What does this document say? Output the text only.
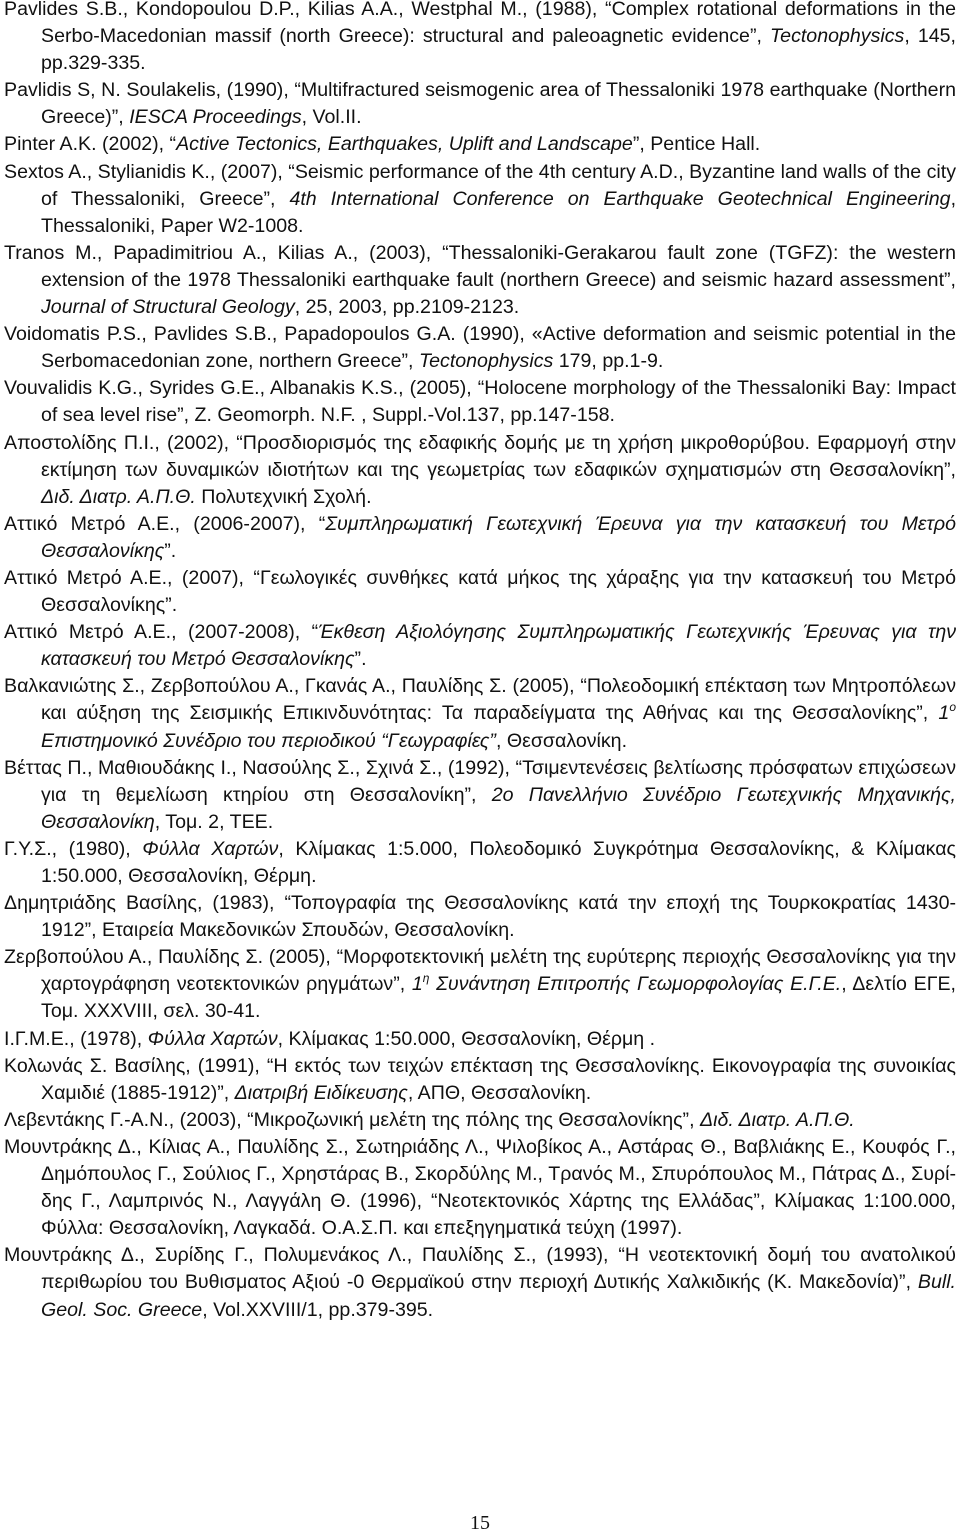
Pavlides S.B., Kondopoulou D.P., Kilias A.A., Westphal M., (1988), “Complex rotational deformations in the Serbo-Macedonian massif (north Greece): structural and paleoagnetic evidence”, Tectonophysics, 145, pp.329-335.

Pavlidis S, N. Soulakelis, (1990), “Multifractured seismogenic area of Thessaloniki 1978 earthquake (Northern Greece)”, IESCA Proceedings, Vol.II.

Pinter A.K. (2002), “Active Tectonics, Earthquakes, Uplift and Landscape”, Pentice Hall.

Sextos A., Stylianidis K., (2007), “Seismic performance of the 4th century A.D., Byzantine land walls of the city of Thessaloniki, Greece”, 4th International Conference on Earthquake Geotechnical Engineering, Thessaloniki, Paper W2-1008.

Tranos M., Papadimitriou A., Kilias A., (2003), “Thessaloniki-Gerakarou fault zone (TGFZ): the western extension of the 1978 Thessaloniki earthquake fault (northern Greece) and seismic hazard assessment”, Journal of Structural Geology, 25, 2003, pp.2109-2123.

Voidomatis P.S., Pavlides S.B., Papadopoulos G.A. (1990), «Active deformation and seismic potential in the Serbomacedonian zone, northern Greece”, Tectonophysics 179, pp.1-9.

Vouvalidis K.G., Syrides G.E., Albanakis K.S., (2005), “Holocene morphology of the Thessaloniki Bay: Impact of sea level rise”, Z. Geomorph. N.F. , Suppl.-Vol.137, pp.147-158.

Αποστολίδης Π.Ι., (2002), “Προσδιορισμός της εδαφικής δομής με τη χρήση μικροθορύβου. Εφαρμογή στην εκτίμηση των δυναμικών ιδιοτήτων και της γεωμετρίας των εδαφικών σχηματισμών στη Θεσσαλονίκη”, Διδ. Διατρ. Α.Π.Θ. Πολυτεχνική Σχολή.

Αττικό Μετρό Α.Ε., (2006-2007), “Συμπληρωματική Γεωτεχνική Έρευνα για την κατασκευή του Μετρό Θεσσαλονίκης”.

Αττικό Μετρό Α.Ε., (2007), “Γεωλογικές συνθήκες κατά μήκος της χάραξης για την κατασκευή του Μετρό Θεσσαλονίκης”.

Αττικό Μετρό Α.Ε., (2007-2008), “Έκθεση Αξιολόγησης Συμπληρωματικής Γεωτεχνικής Έρευνας για την κατασκευή του Μετρό Θεσσαλονίκης”.

Βαλκανιώτης Σ., Ζερβοπούλου Α., Γκανάς Α., Παυλίδης Σ. (2005), “Πολεοδομική επέκταση των Μητροπόλεων και αύξηση της Σεισμικής Επικινδυνότητας: Τα παραδείγματα της Αθήνας και της Θεσσαλονίκης”, $1^o$ Επιστημονικό Συνέδριο του περιοδικού “Γεωγραφίες”, Θεσσαλονίκη.

Βέττας Π., Μαθιουδάκης Ι., Νασούλης Σ., Σχινά Σ., (1992), “Τσιμεντενέσεις βελτίωσης πρόσφατων επιχώσεων για τη θεμελίωση κτηρίου στη Θεσσαλονίκη”, 2ο Πανελλήνιο Συνέδριο Γεωτεχνικής Μηχανικής, Θεσσαλονίκη, Τομ. 2, ΤΕΕ.

Γ.Υ.Σ., (1980), Φύλλα Χαρτών, Κλίμακας 1:5.000, Πολεοδομικό Συγκρότημα Θεσσαλονίκης, & Κλίμακας 1:50.000, Θεσσαλονίκη, Θέρμη.

Δημητριάδης Βασίλης, (1983), “Τοπογραφία της Θεσσαλονίκης κατά την εποχή της Τουρκοκρατίας 1430-1912”, Εταιρεία Μακεδονικών Σπουδών, Θεσσαλονίκη.

Ζερβοπούλου Α., Παυλίδης Σ. (2005), “Μορφοτεκτονική μελέτη της ευρύτερης περιοχής Θεσσαλονίκης για την χαρτογράφηση νεοτεκτονικών ρηγμάτων”, $1^\eta$ Συνάντηση Επιτροπής Γεωμορφολογίας Ε.Γ.Ε., Δελτίο ΕΓΕ, Τομ. ΧΧΧVIII, σελ. 30-41.

Ι.Γ.Μ.Ε., (1978), Φύλλα Χαρτών, Κλίμακας 1:50.000, Θεσσαλονίκη, Θέρμη .

Κολωνάς Σ. Βασίλης, (1991), “Η εκτός των τειχών επέκταση της Θεσσαλονίκης. Εικονογραφία της συνοικίας Χαμιδιέ (1885-1912)”, Διατριβή Ειδίκευσης, ΑΠΘ, Θεσσαλονίκη.

Λεβεντάκης Γ.-Α.Ν., (2003), “Μικροζωνική μελέτη της πόλης της Θεσσαλονίκης”, Διδ. Διατρ. Α.Π.Θ.

Μουντράκης Δ., Κίλιας Α., Παυλίδης Σ., Σωτηριάδης Λ., Ψιλοβίκος Α., Αστάρας Θ., Βαβλιάκης Ε., Κουφός Γ., Δημόπουλος Γ., Σούλιος Γ., Χρηστάρας Β., Σκορδύλης Μ., Τρανός Μ., Σπυρόπουλος Μ., Πάτρας Δ., Συρί-δης Γ., Λαμπρινός Ν., Λαγγάλη Θ. (1996), “Νεοτεκτονικός Χάρτης της Ελλάδας”, Κλίμακας 1:100.000, Φύλλα: Θεσσαλονίκη, Λαγκαδά. Ο.Α.Σ.Π. και επεξηγηματικά τεύχη (1997).

Μουντράκης Δ., Συρίδης Γ., Πολυμενάκος Λ., Παυλίδης Σ., (1993), “Η νεοτεκτονική δομή του ανατολικού περιθωρίου του Βυθισματος Αξιού -0 Θερμαϊκού στην περιοχή Δυτικής Χαλκιδικής (Κ. Μακεδονία)”, Bull. Geol. Soc. Greece, Vol.ΧΧVIII/1, pp.379-395.

15
